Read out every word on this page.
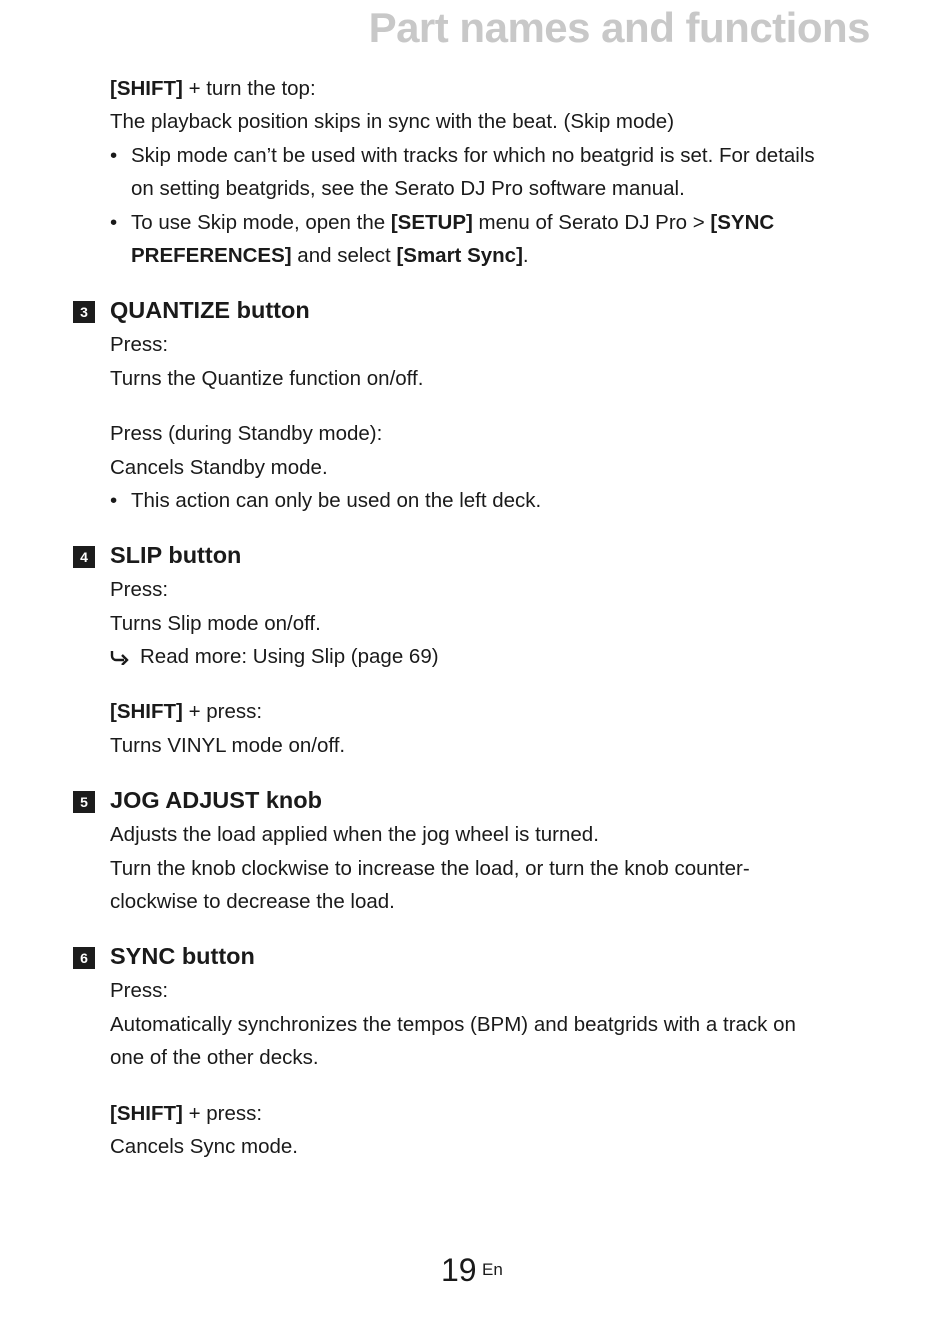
Part names and functions
[SHIFT] + turn the top:
The playback position skips in sync with the beat. (Skip mode)
• Skip mode can’t be used with tracks for which no beatgrid is set. For details
on setting beatgrids, see the Serato DJ Pro software manual.
• To use Skip mode, open the [SETUP] menu of Serato DJ Pro > [SYNC
PREFERENCES] and select [Smart Sync].
3 QUANTIZE button
Press:
Turns the Quantize function on/off.
Press (during Standby mode):
Cancels Standby mode.
• This action can only be used on the left deck.
4 SLIP button
Press:
Turns Slip mode on/off.
Read more: Using Slip (page 69)
[SHIFT] + press:
Turns VINYL mode on/off.
5 JOG ADJUST knob
Adjusts the load applied when the jog wheel is turned.
Turn the knob clockwise to increase the load, or turn the knob counter-
clockwise to decrease the load.
6 SYNC button
Press:
Automatically synchronizes the tempos (BPM) and beatgrids with a track on
one of the other decks.
[SHIFT] + press:
Cancels Sync mode.
19 En
